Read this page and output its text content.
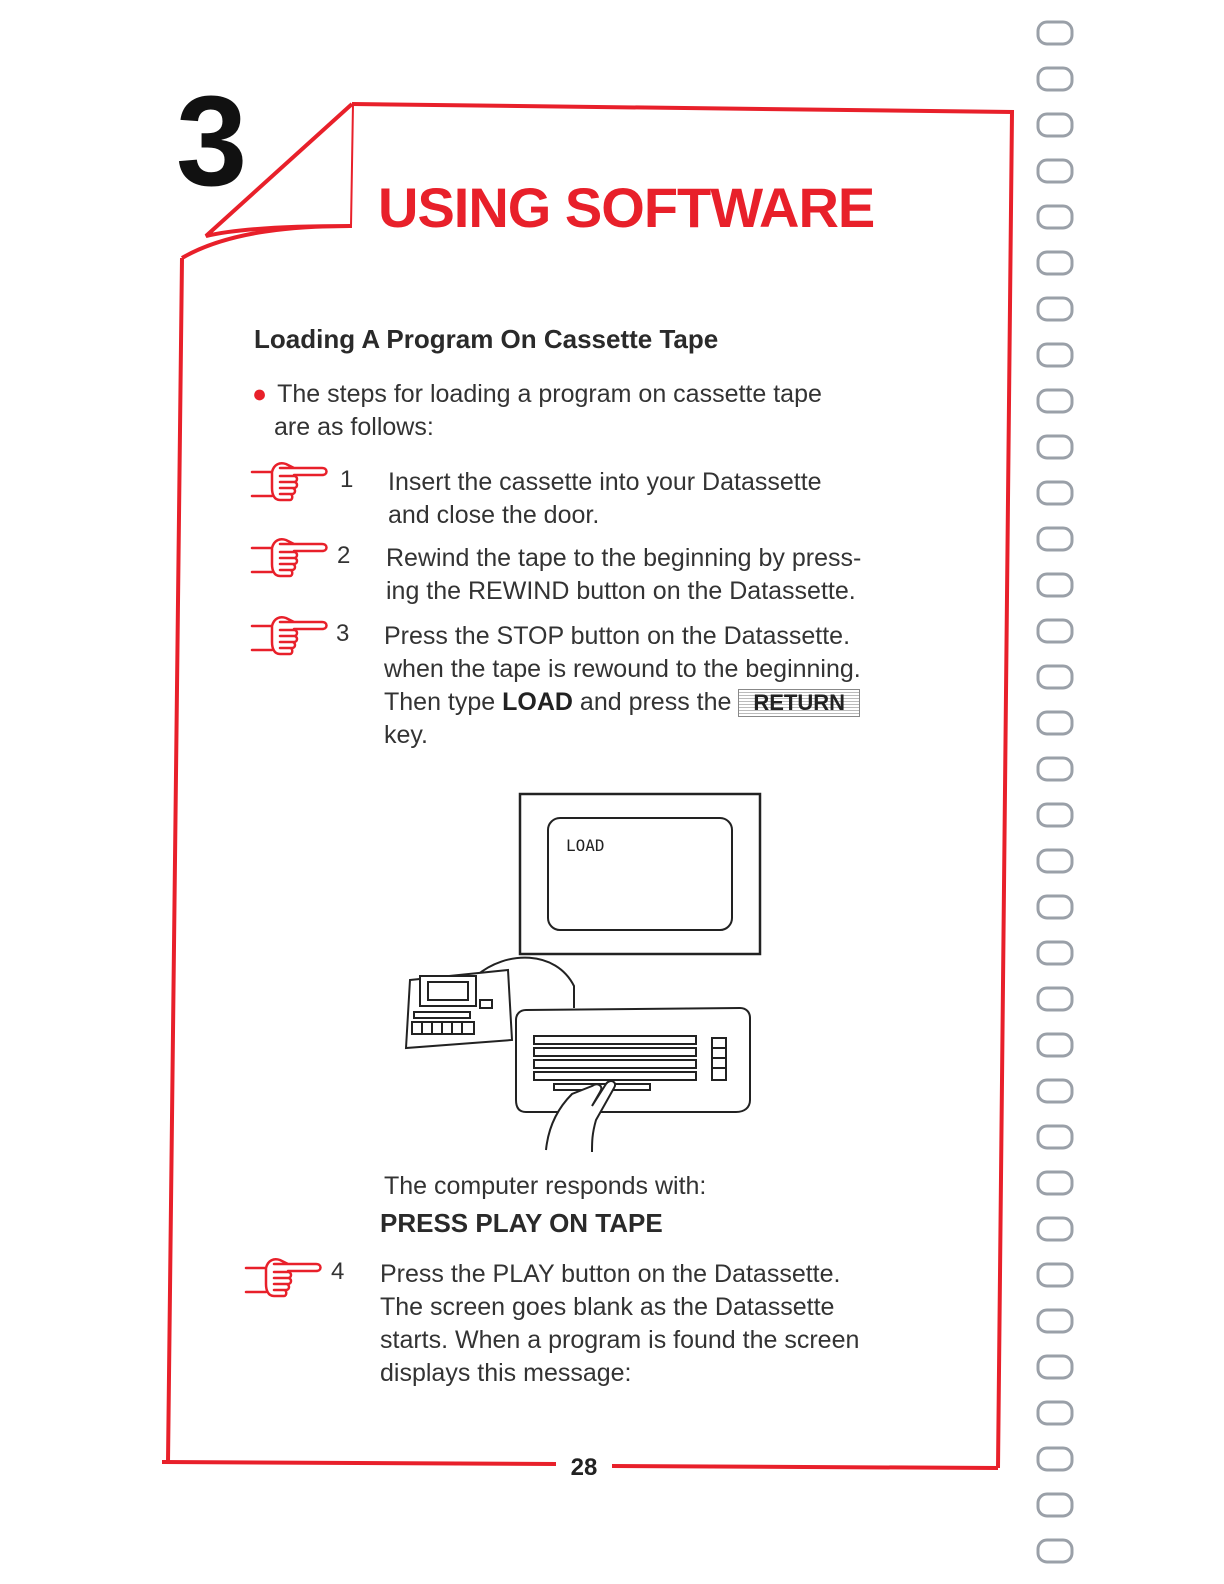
3 USING SOFTWARE
Loading A Program On Cassette Tape
● The steps for loading a program on cassette tape
are as follows:
1 Insert the cassette into your Datassette
and close the door.
2 Rewind the tape to the beginning by press-
ing the REWIND button on the Datassette.
3 Press the STOP button on the Datassette.
when the tape is rewound to the beginning.
Then type LOAD and press the RETURN
key.
LOAD
The computer responds with:
PRESS PLAY ON TAPE
4 Press the PLAY button on the Datassette.
The screen goes blank as the Datassette
starts. When a program is found the screen
displays this message:
28
